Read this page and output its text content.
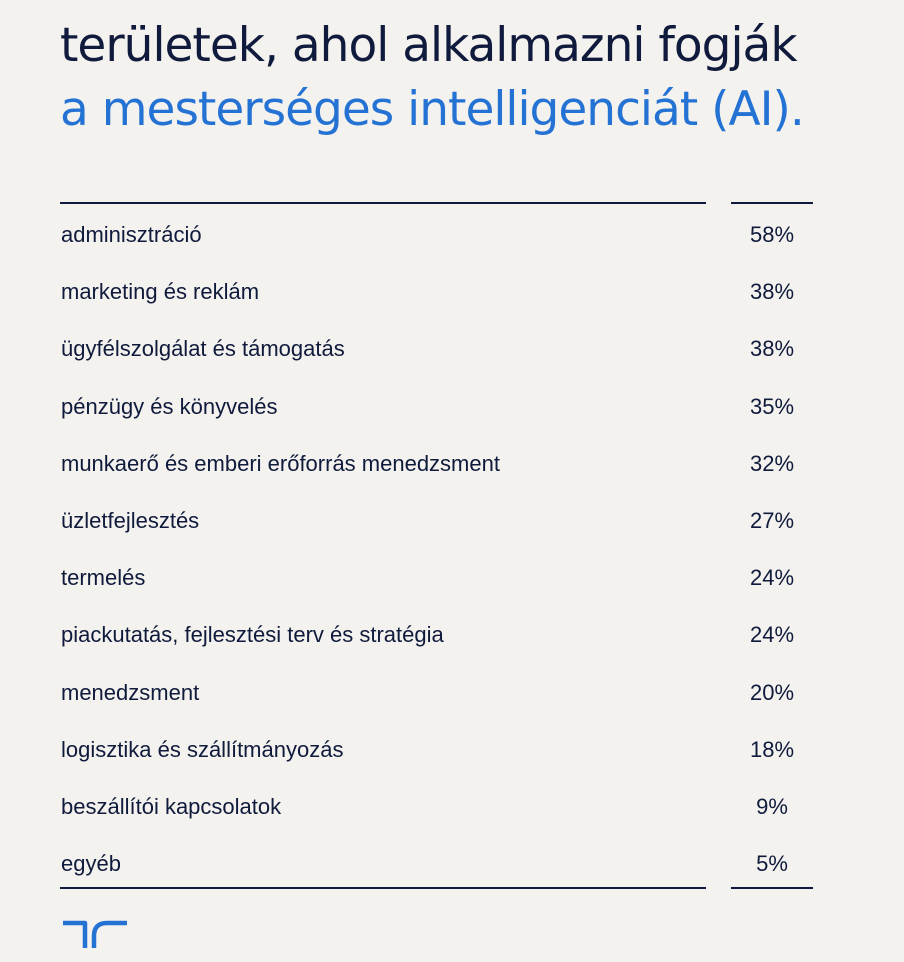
területek, ahol alkalmazni fogják
a mesterséges intelligenciát (AI).
adminisztráció	58%
marketing és reklám	38%
ügyfélszolgálat és támogatás	38%
pénzügy és könyvelés	35%
munkaerő és emberi erőforrás menedzsment	32%
üzletfejlesztés	27%
termelés	24%
piackutatás, fejlesztési terv és stratégia	24%
menedzsment	20%
logisztika és szállítmányozás	18%
beszállítói kapcsolatok	9%
egyéb	5%
